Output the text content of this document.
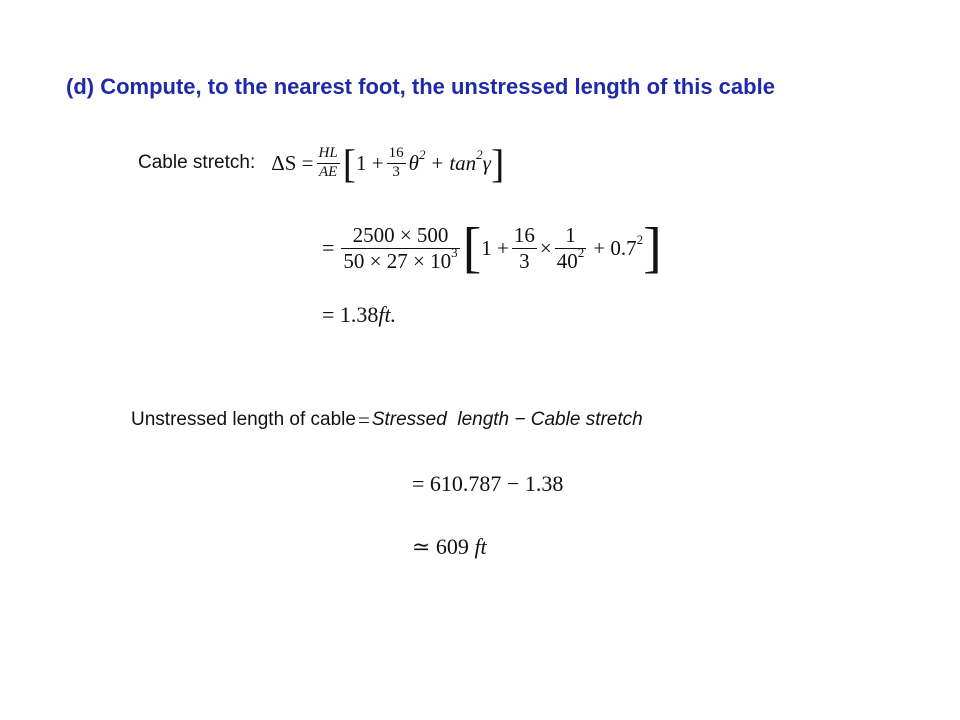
(d) Compute, to the nearest foot, the unstressed length of this cable
Cable stretch: $\Delta S = \frac{HL}{AE}$ [ $1 + \frac{16}{3} \theta^2 + \tan^2\gamma$ ]
= $\frac{2500 \times 500}{50 \times 27 \times 10^3}$ [ $1 + \frac{16}{3} \times \frac{1}{40^2} + 0.7^2$ ]
= 1.38 ft.
Unstressed length of cable = Stressed  length − Cable stretch
= 610.787 − 1.38
≃ 609 ft
